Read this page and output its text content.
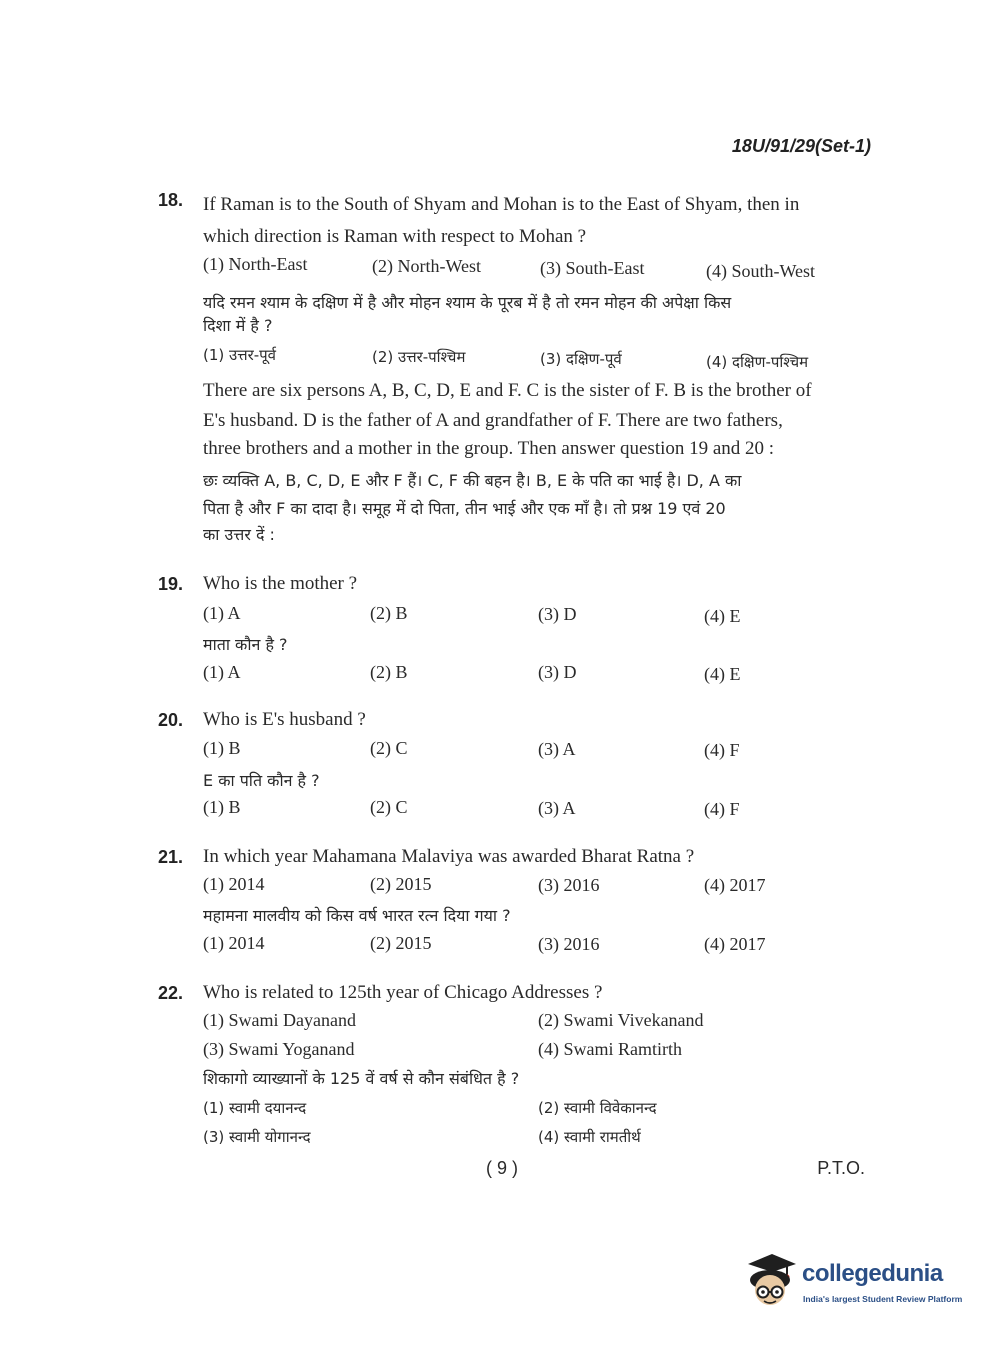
18U/91/29(Set-1)
18. If Raman is to the South of Shyam and Mohan is to the East of Shyam, then in
which direction is Raman with respect to Mohan ?
(1) North-East	(2) North-West	(3) South-East	(4) South-West
यदि रमन श्याम के दक्षिण में है और मोहन श्याम के पूरब में है तो रमन मोहन की अपेक्षा किस
दिशा में है ?
(1) उत्तर-पूर्व	(2) उत्तर-पश्चिम	(3) दक्षिण-पूर्व	(4) दक्षिण-पश्चिम
There are six persons A, B, C, D, E and F. C is the sister of F. B is the brother of
E's husband. D is the father of A and grandfather of F. There are two fathers,
three brothers and a mother in the group. Then answer question 19 and 20 :
छः व्यक्ति A, B, C, D, E और F हैं। C, F की बहन है। B, E के पति का भाई है। D, A का
पिता है और F का दादा है। समूह में दो पिता, तीन भाई और एक माँ है। तो प्रश्न 19 एवं 20
का उत्तर दें :
19. Who is the mother ?
(1) A	(2) B	(3) D	(4) E
माता कौन है ?
(1) A	(2) B	(3) D	(4) E
20. Who is E's husband ?
(1) B	(2) C	(3) A	(4) F
E का पति कौन है ?
(1) B	(2) C	(3) A	(4) F
21. In which year Mahamana Malaviya was awarded Bharat Ratna ?
(1) 2014	(2) 2015	(3) 2016	(4) 2017
महामना मालवीय को किस वर्ष भारत रत्न दिया गया ?
(1) 2014	(2) 2015	(3) 2016	(4) 2017
22. Who is related to 125th year of Chicago Addresses ?
(1) Swami Dayanand	(2) Swami Vivekanand
(3) Swami Yoganand	(4) Swami Ramtirth
शिकागो व्याख्यानों के 125 वें वर्ष से कौन संबंधित है ?
(1) स्वामी दयानन्द	(2) स्वामी विवेकानन्द
(3) स्वामी योगानन्द	(4) स्वामी रामतीर्थ
( 9 )	P.T.O.
collegedunia
India's largest Student Review Platform
